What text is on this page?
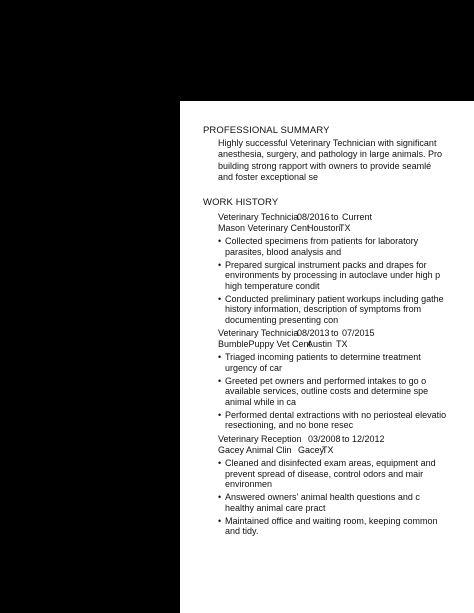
PROFESSIONAL SUMMARY
Highly successful Veterinary Technician with significant
anesthesia, surgery, and pathology in large animals. Pro
building strong rapport with owners to provide seamlé
and foster exceptional se
WORK HISTORY
Veterinary Technicia
08/2016 to Current
Mason Veterinary Cent
Houston
TX
• Collected specimens from patients for laboratory
parasites, blood analysis and
• Prepared surgical instrument packs and drapes for
environments by processing in autoclave under high p
high temperature condit
• Conducted preliminary patient workups including gathe
history information, description of symptoms from
documenting presenting con
Veterinary Technicia
08/2013 to 07/2015
BumblePuppy Vet Cent
Austin TX
• Triaged incoming patients to determine treatment
urgency of car
• Greeted pet owners and performed intakes to go o
available services, outline costs and determine spe
animal while in ca
• Performed dental extractions with no periosteal elevatio
resectioning, and no bone resec
Veterinary Reception 03/2008 to 12/2012
Gacey Animal Clin Gacey
TX
• Cleaned and disinfected exam areas, equipment and
prevent spread of disease, control odors and mair
environmen
• Answered owners' animal health questions and c
healthy animal care pract
• Maintained office and waiting room, keeping common
and tidy.
